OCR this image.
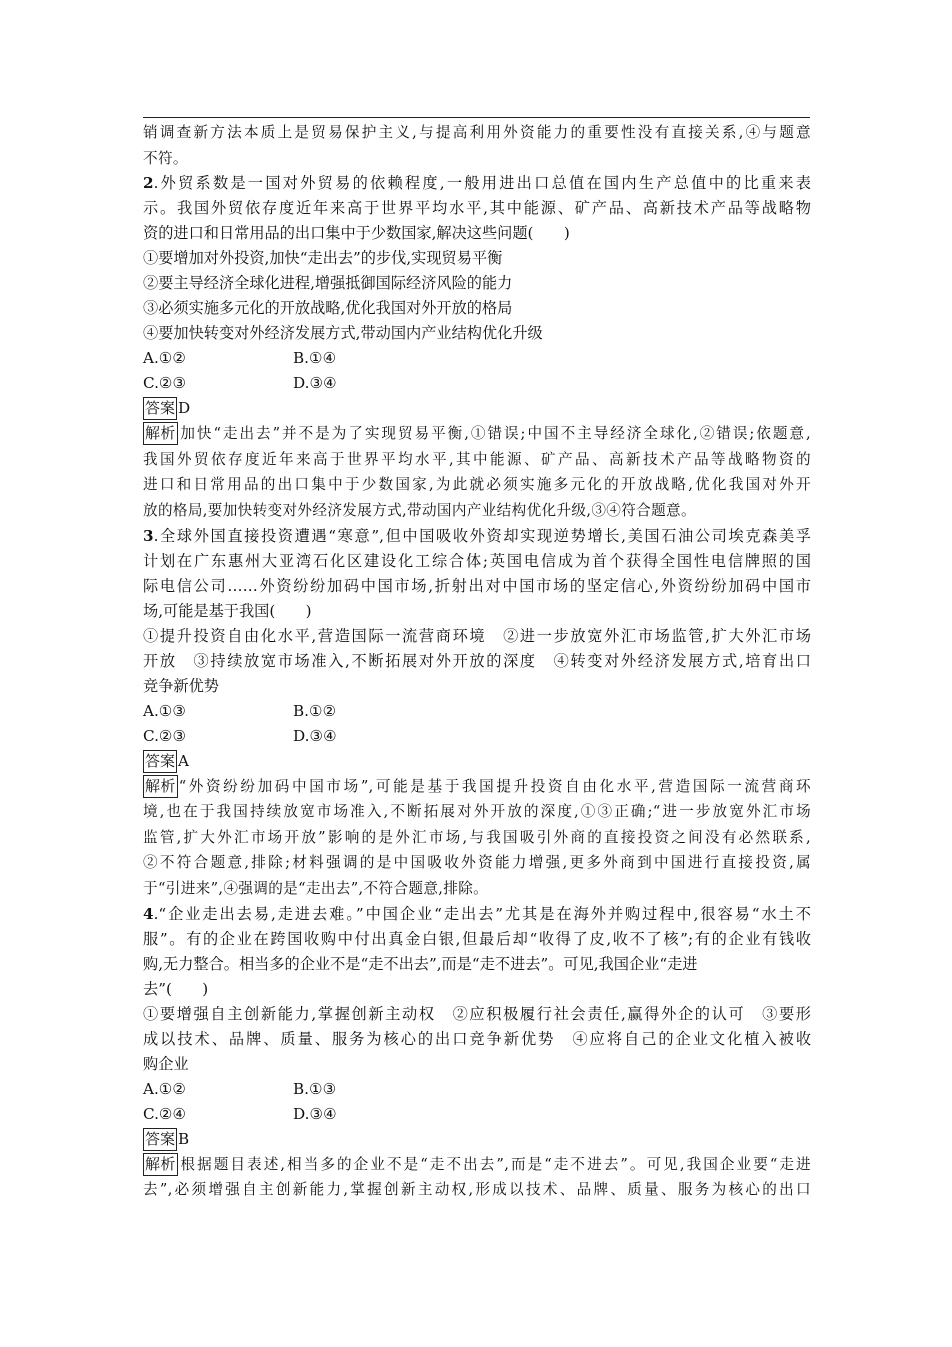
销调查新方法本质上是贸易保护主义,与提高利用外资能力的重要性没有直接关系,④与题意
不符。
2.外贸系数是一国对外贸易的依赖程度,一般用进出口总值在国内生产总值中的比重来表
示。我国外贸依存度近年来高于世界平均水平,其中能源、矿产品、高新技术产品等战略物
资的进口和日常用品的出口集中于少数国家,解决这些问题(　　)
①要增加对外投资,加快“走出去”的步伐,实现贸易平衡
②要主导经济全球化进程,增强抵御国际经济风险的能力
③必须实施多元化的开放战略,优化我国对外开放的格局
④要加快转变对外经济发展方式,带动国内产业结构优化升级
A.①②	B.①④
C.②③	D.③④
答案 D
解析 加快“走出去”并不是为了实现贸易平衡,①错误;中国不主导经济全球化,②错误;依题意,
我国外贸依存度近年来高于世界平均水平,其中能源、矿产品、高新技术产品等战略物资的
进口和日常用品的出口集中于少数国家,为此就必须实施多元化的开放战略,优化我国对外开
放的格局,要加快转变对外经济发展方式,带动国内产业结构优化升级,③④符合题意。
3.全球外国直接投资遭遇“寒意”,但中国吸收外资却实现逆势增长,美国石油公司埃克森美孚
计划在广东惠州大亚湾石化区建设化工综合体;英国电信成为首个获得全国性电信牌照的国
际电信公司……外资纷纷加码中国市场,折射出对中国市场的坚定信心,外资纷纷加码中国市
场,可能是基于我国(　　)
①提升投资自由化水平,营造国际一流营商环境　②进一步放宽外汇市场监管,扩大外汇市场
开放　③持续放宽市场准入,不断拓展对外开放的深度　④转变对外经济发展方式,培育出口
竞争新优势
A.①③	B.①②
C.②③	D.③④
答案 A
解析 “外资纷纷加码中国市场”,可能是基于我国提升投资自由化水平,营造国际一流营商环
境,也在于我国持续放宽市场准入,不断拓展对外开放的深度,①③正确;“进一步放宽外汇市场
监管,扩大外汇市场开放”影响的是外汇市场,与我国吸引外商的直接投资之间没有必然联系,
②不符合题意,排除;材料强调的是中国吸收外资能力增强,更多外商到中国进行直接投资,属
于“引进来”,④强调的是“走出去”,不符合题意,排除。
4.“企业走出去易,走进去难。”中国企业“走出去”尤其是在海外并购过程中,很容易“水土不
服”。有的企业在跨国收购中付出真金白银,但最后却“收得了皮,收不了核”;有的企业有钱收
购,无力整合。相当多的企业不是“走不出去”,而是“走不进去”。可见,我国企业“走进
去”(　　)
①要增强自主创新能力,掌握创新主动权　②应积极履行社会责任,赢得外企的认可　③要形
成以技术、品牌、质量、服务为核心的出口竞争新优势　④应将自己的企业文化植入被收
购企业
A.①②	B.①③
C.②④	D.③④
答案 B
解析 根据题目表述,相当多的企业不是“走不出去”,而是“走不进去”。可见,我国企业要“走进
去”,必须增强自主创新能力,掌握创新主动权,形成以技术、品牌、质量、服务为核心的出口
